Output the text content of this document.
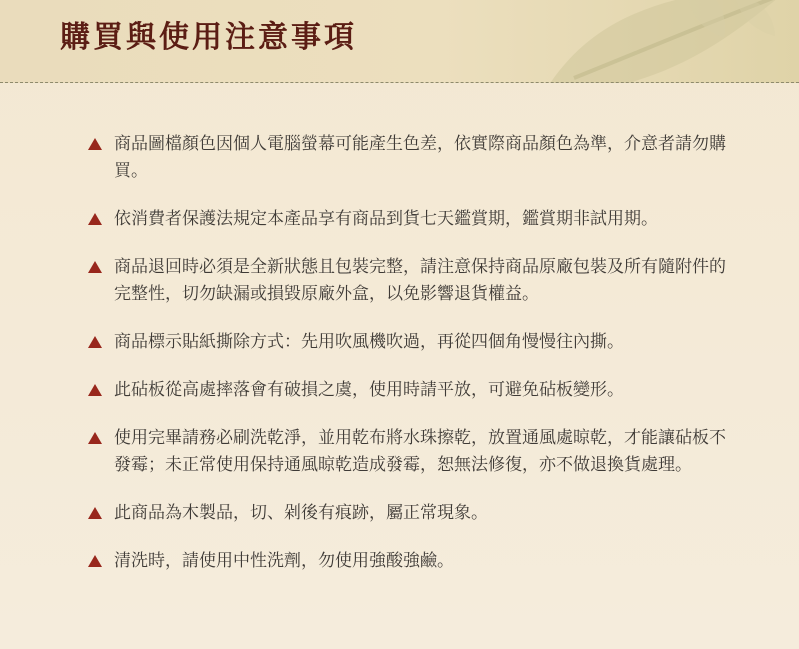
購買與使用注意事項
商品圖檔顏色因個人電腦螢幕可能產生色差，依實際商品顏色為準，介意者請勿購買。
依消費者保護法規定本產品享有商品到貨七天鑑賞期，鑑賞期非試用期。
商品退回時必須是全新狀態且包裝完整，請注意保持商品原廠包裝及所有隨附件的完整性，切勿缺漏或損毀原廠外盒，以免影響退貨權益。
商品標示貼紙撕除方式：先用吹風機吹過，再從四個角慢慢往內撕。
此砧板從高處摔落會有破損之虞，使用時請平放，可避免砧板變形。
使用完畢請務必刷洗乾淨，並用乾布將水珠擦乾，放置通風處晾乾，才能讓砧板不發霉；未正常使用保持通風晾乾造成發霉，恕無法修復，亦不做退換貨處理。
此商品為木製品，切、剁後有痕跡，屬正常現象。
清洗時，請使用中性洗劑，勿使用強酸強鹼。
